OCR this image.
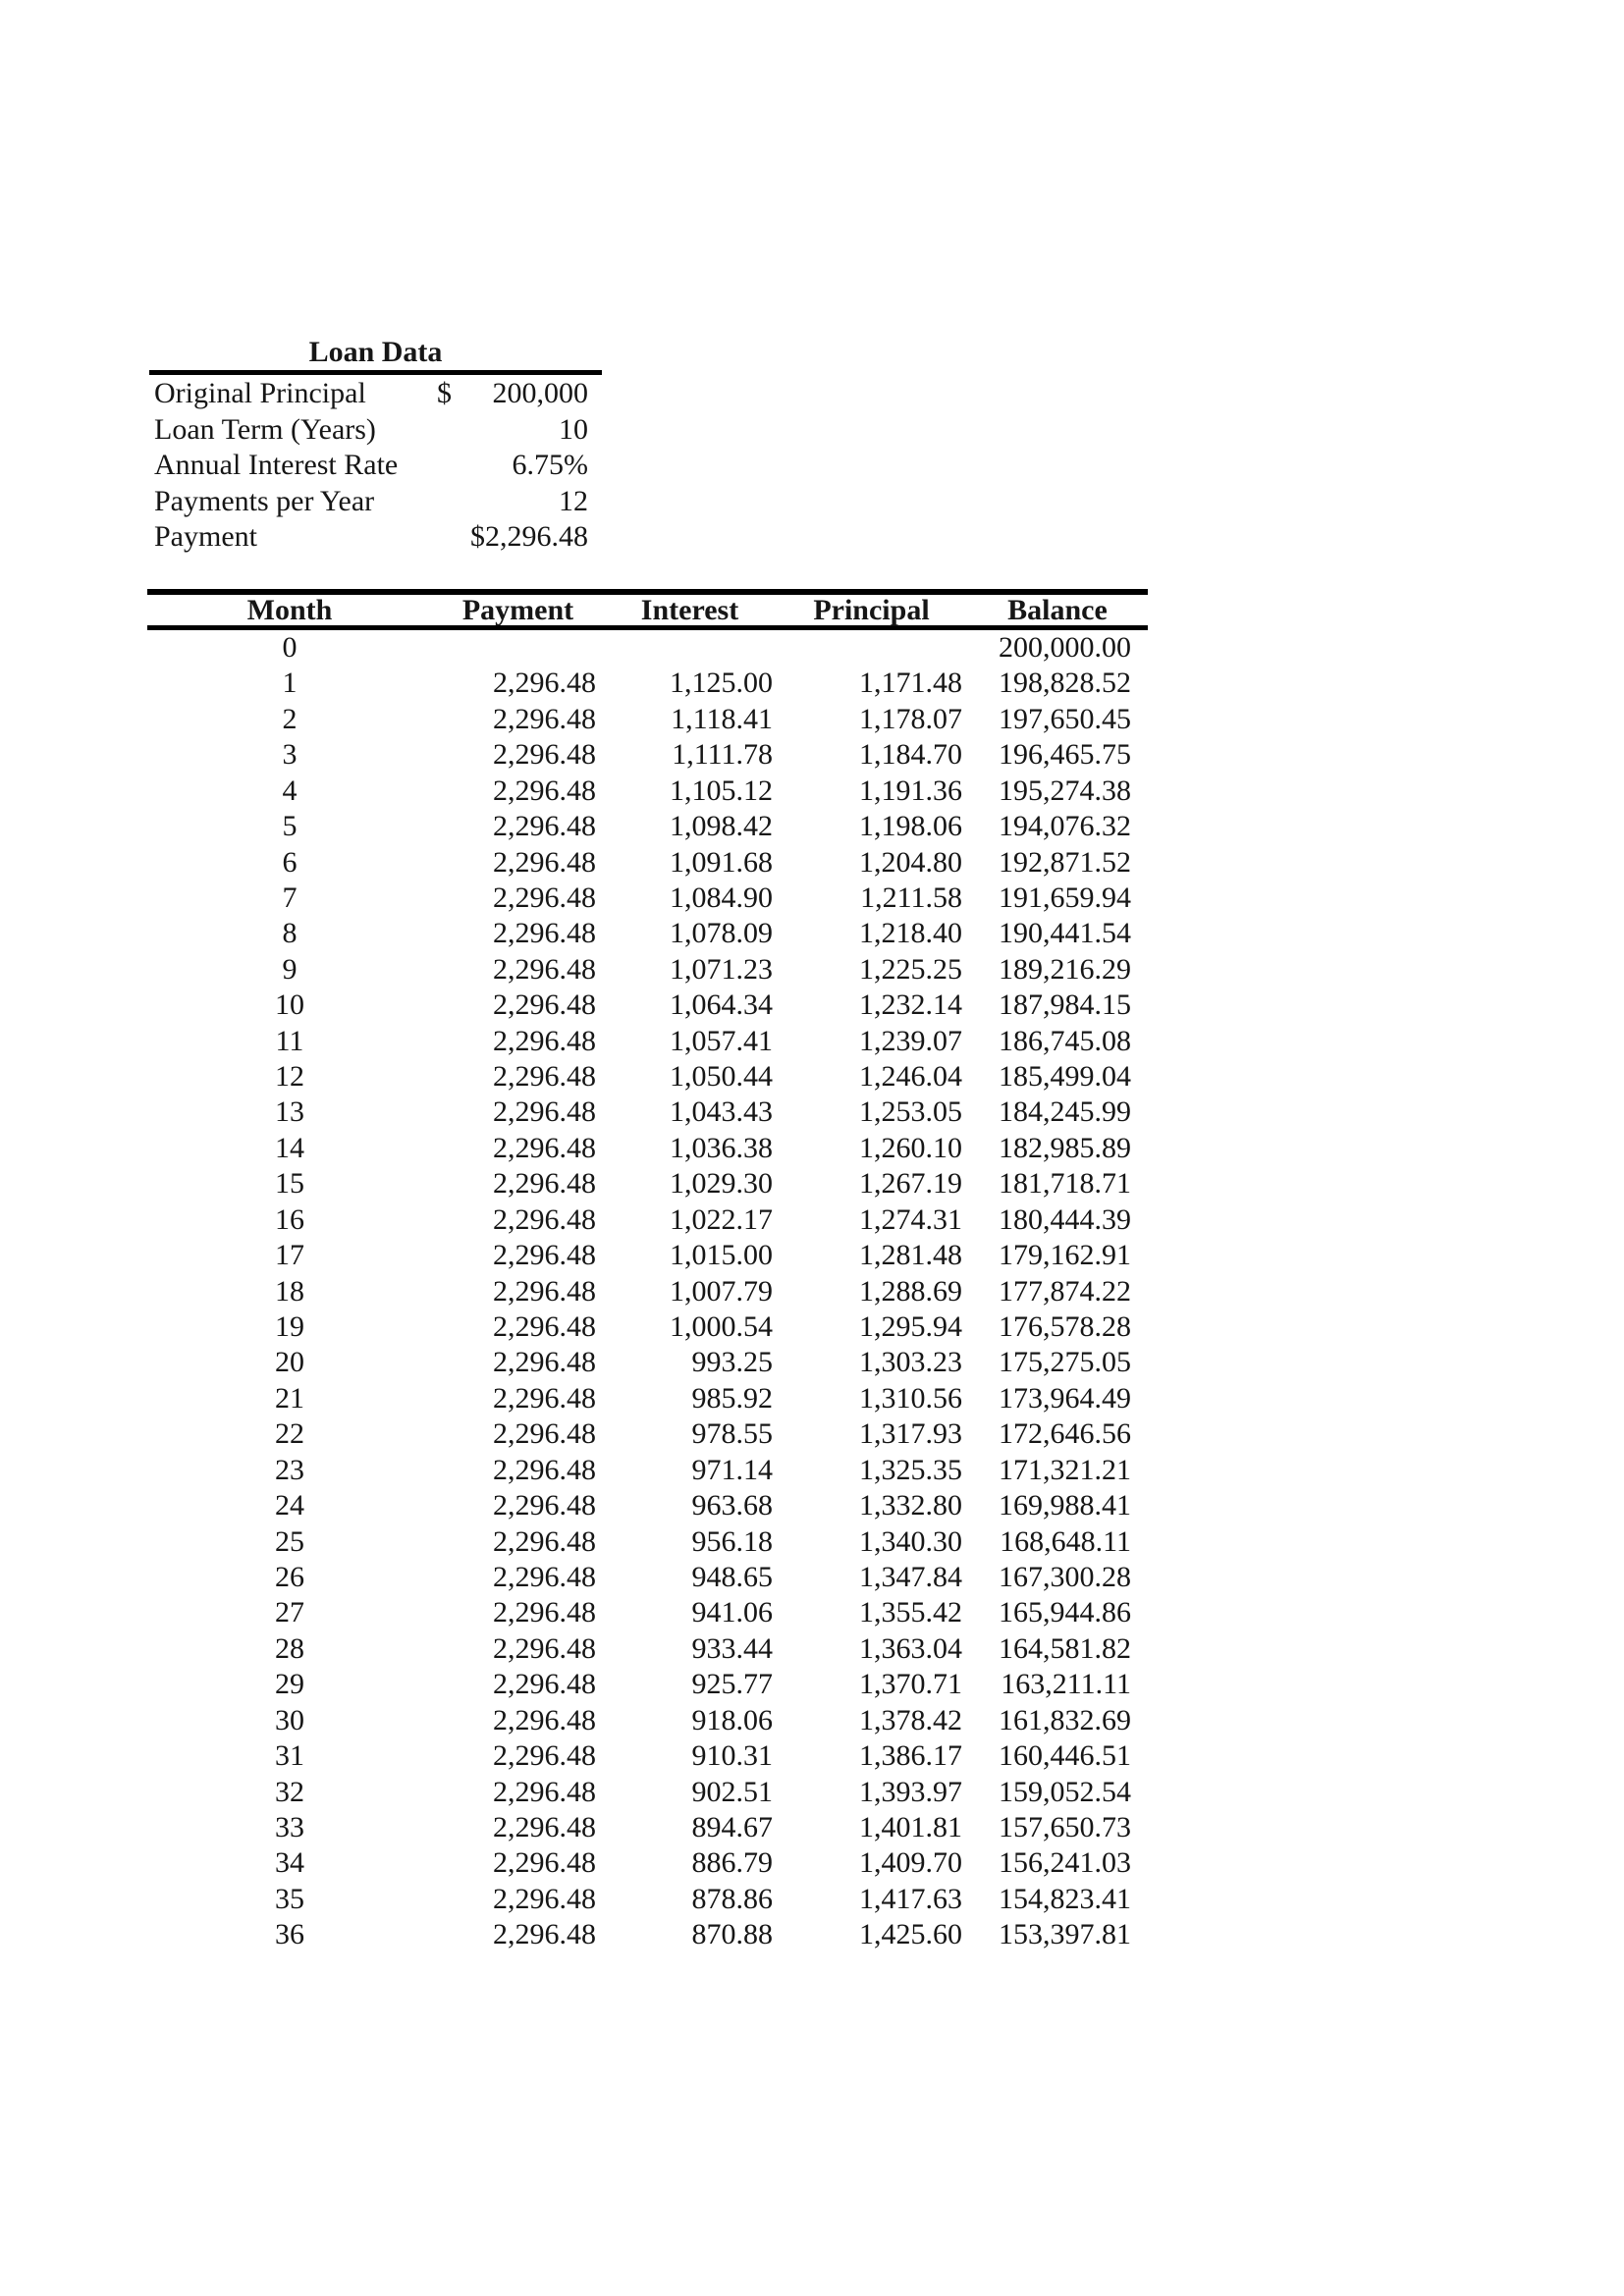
Loan Data
Original Principal	$	200,000
Loan Term (Years)		10
Annual Interest Rate		6.75%
Payments per Year		12
Payment		$2,296.48
Month	Payment	Interest	Principal	Balance
0				200,000.00
1	2,296.48	1,125.00	1,171.48	198,828.52
2	2,296.48	1,118.41	1,178.07	197,650.45
3	2,296.48	1,111.78	1,184.70	196,465.75
4	2,296.48	1,105.12	1,191.36	195,274.38
5	2,296.48	1,098.42	1,198.06	194,076.32
6	2,296.48	1,091.68	1,204.80	192,871.52
7	2,296.48	1,084.90	1,211.58	191,659.94
8	2,296.48	1,078.09	1,218.40	190,441.54
9	2,296.48	1,071.23	1,225.25	189,216.29
10	2,296.48	1,064.34	1,232.14	187,984.15
11	2,296.48	1,057.41	1,239.07	186,745.08
12	2,296.48	1,050.44	1,246.04	185,499.04
13	2,296.48	1,043.43	1,253.05	184,245.99
14	2,296.48	1,036.38	1,260.10	182,985.89
15	2,296.48	1,029.30	1,267.19	181,718.71
16	2,296.48	1,022.17	1,274.31	180,444.39
17	2,296.48	1,015.00	1,281.48	179,162.91
18	2,296.48	1,007.79	1,288.69	177,874.22
19	2,296.48	1,000.54	1,295.94	176,578.28
20	2,296.48	993.25	1,303.23	175,275.05
21	2,296.48	985.92	1,310.56	173,964.49
22	2,296.48	978.55	1,317.93	172,646.56
23	2,296.48	971.14	1,325.35	171,321.21
24	2,296.48	963.68	1,332.80	169,988.41
25	2,296.48	956.18	1,340.30	168,648.11
26	2,296.48	948.65	1,347.84	167,300.28
27	2,296.48	941.06	1,355.42	165,944.86
28	2,296.48	933.44	1,363.04	164,581.82
29	2,296.48	925.77	1,370.71	163,211.11
30	2,296.48	918.06	1,378.42	161,832.69
31	2,296.48	910.31	1,386.17	160,446.51
32	2,296.48	902.51	1,393.97	159,052.54
33	2,296.48	894.67	1,401.81	157,650.73
34	2,296.48	886.79	1,409.70	156,241.03
35	2,296.48	878.86	1,417.63	154,823.41
36	2,296.48	870.88	1,425.60	153,397.81
